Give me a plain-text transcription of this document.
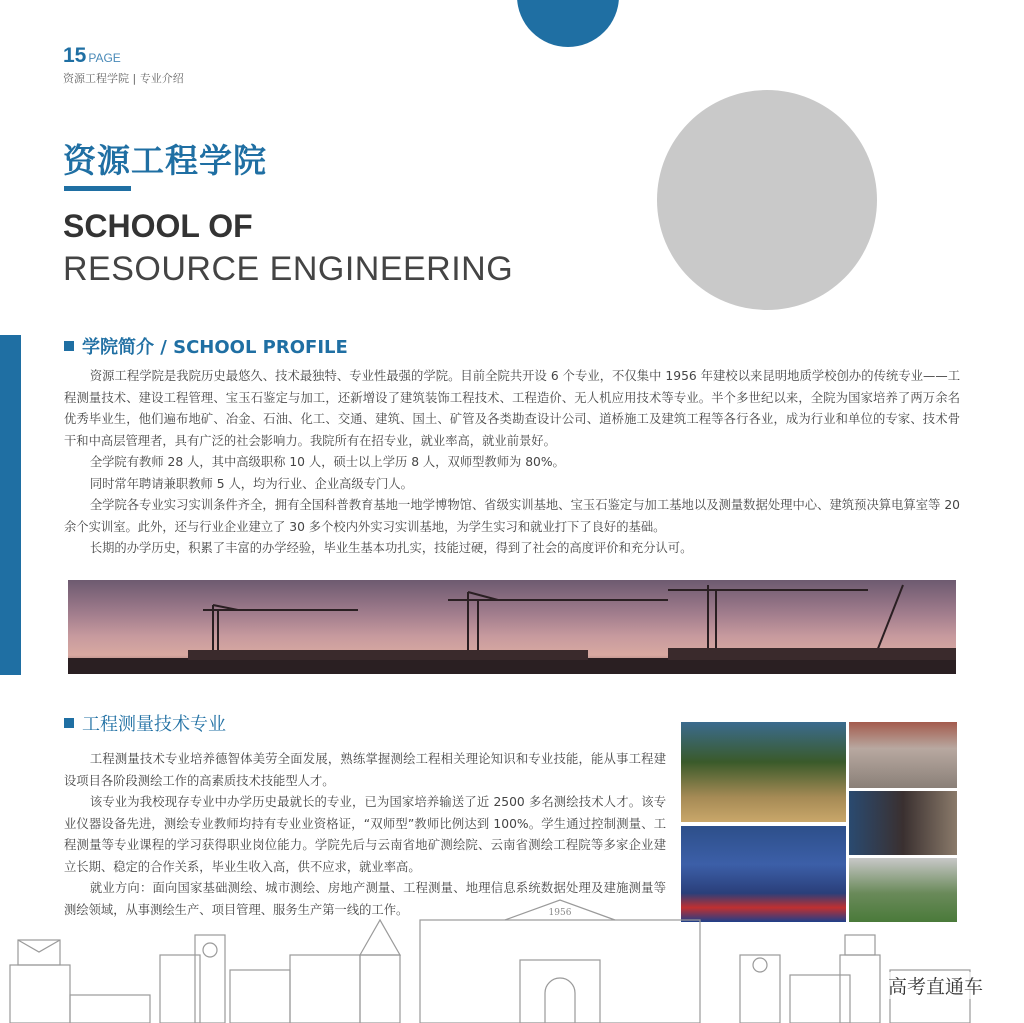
15 PAGE
资源工程学院 | 专业介绍
资源工程学院
SCHOOL OF
RESOURCE ENGINEERING
学院简介 / SCHOOL PROFILE

资源工程学院是我院历史最悠久、技术最独特、专业性最强的学院。目前全院共开设 6 个专业，不仅集中 1956 年建校以来昆明地质学校创办的传统专业——工程测量技术、建设工程管理、宝玉石鉴定与加工，还新增设了建筑装饰工程技术、工程造价、无人机应用技术等专业。半个多世纪以来，全院为国家培养了两万余名优秀毕业生，他们遍布地矿、冶金、石油、化工、交通、建筑、国土、矿管及各类勘查设计公司、道桥施工及建筑工程等各行各业，成为行业和单位的专家、技术骨干和中高层管理者，具有广泛的社会影响力。我院所有在招专业，就业率高，就业前景好。

全学院有教师 28 人，其中高级职称 10 人，硕士以上学历 8 人，双师型教师为 80%。

同时常年聘请兼职教师 5 人，均为行业、企业高级专门人。

全学院各专业实习实训条件齐全，拥有全国科普教育基地一地学博物馆、省级实训基地、宝玉石鉴定与加工基地以及测量数据处理中心、建筑预决算电算室等 20 余个实训室。此外，还与行业企业建立了 30 多个校内外实习实训基地，为学生实习和就业打下了良好的基础。

长期的办学历史，积累了丰富的办学经验，毕业生基本功扎实，技能过硬，得到了社会的高度评价和充分认可。

工程测量技术专业

工程测量技术专业培养德智体美劳全面发展，熟练掌握测绘工程相关理论知识和专业技能，能从事工程建设项目各阶段测绘工作的高素质技术技能型人才。

该专业为我校现存专业中办学历史最就长的专业，已为国家培养输送了近 2500 多名测绘技术人才。该专业仪器设备先进，测绘专业教师均持有专业业资格证，“双师型”教师比例达到 100%。学生通过控制测量、工程测量等专业课程的学习获得职业岗位能力。学院先后与云南省地矿测绘院、云南省测绘工程院等多家企业建立长期、稳定的合作关系，毕业生收入高，供不应求，就业率高。

就业方向：面向国家基础测绘、城市测绘、房地产测量、工程测量、地理信息系统数据处理及建施测量等测绘领域，从事测绘生产、项目管理、服务生产第一线的工作。	1956
高考直通车
